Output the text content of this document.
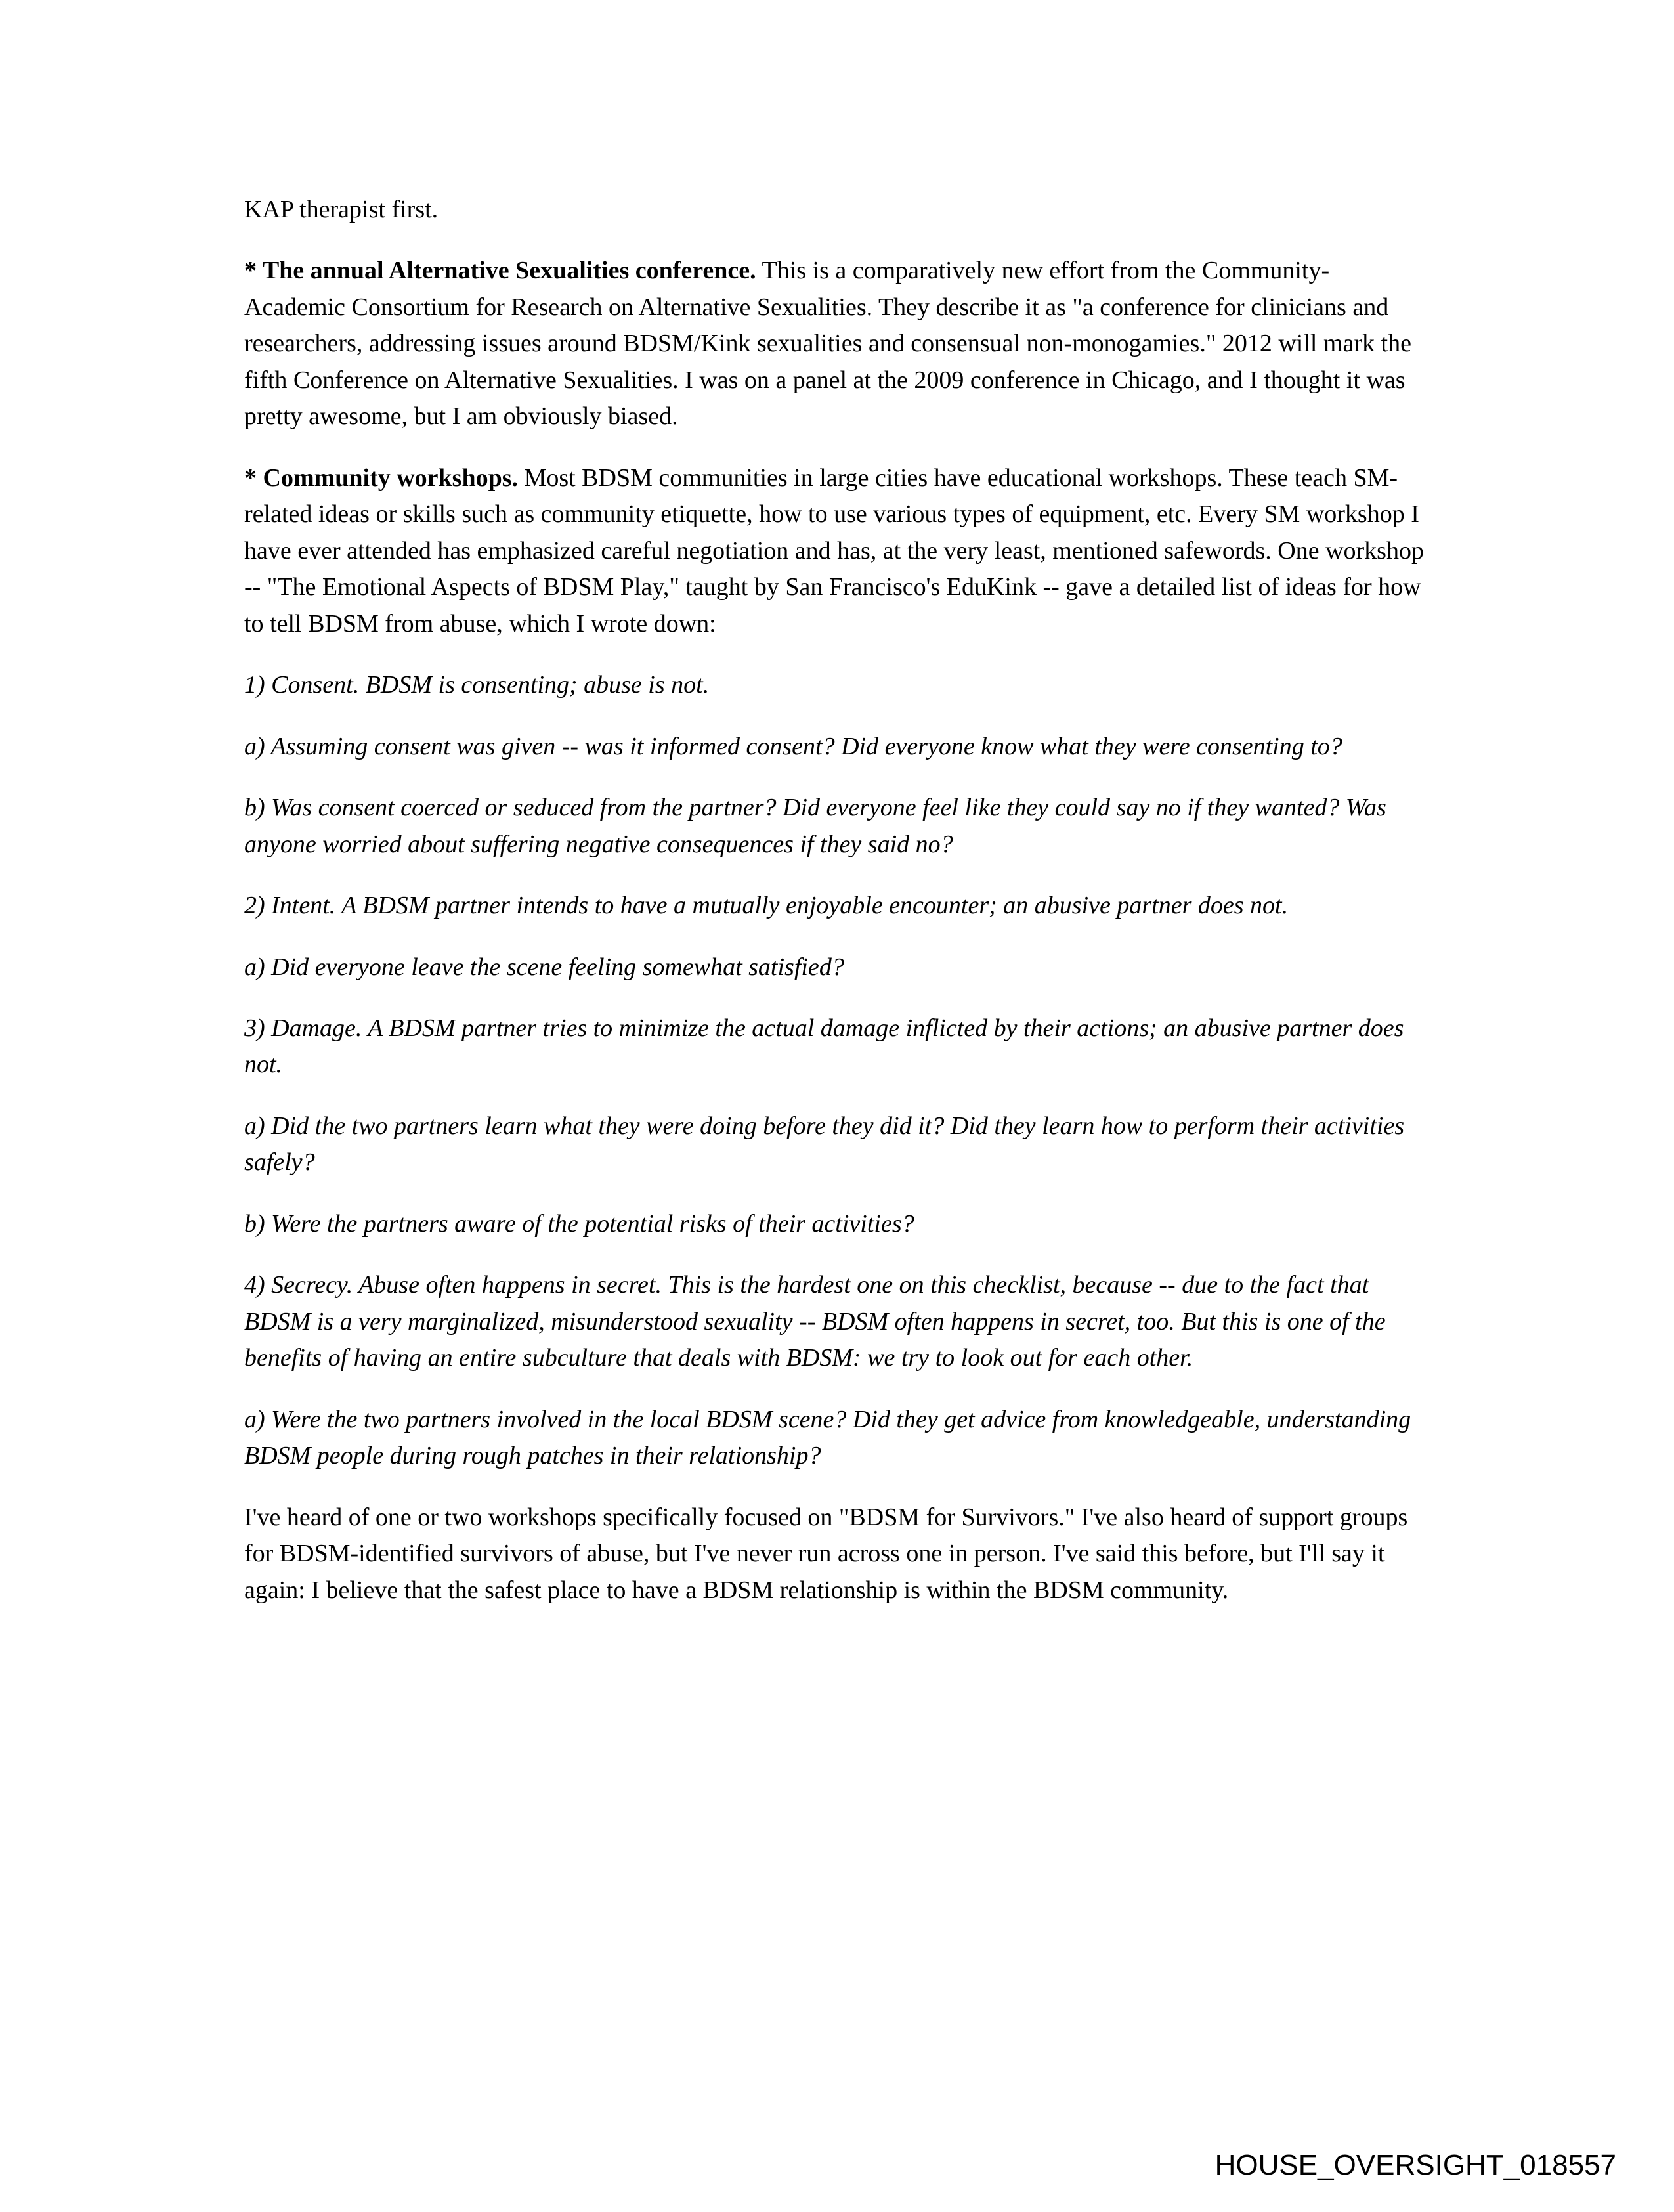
KAP therapist first.

* The annual Alternative Sexualities conference. This is a comparatively new effort from the Community-Academic Consortium for Research on Alternative Sexualities. They describe it as "a conference for clinicians and researchers, addressing issues around BDSM/Kink sexualities and consensual non-monogamies." 2012 will mark the fifth Conference on Alternative Sexualities. I was on a panel at the 2009 conference in Chicago, and I thought it was pretty awesome, but I am obviously biased.

* Community workshops. Most BDSM communities in large cities have educational workshops. These teach SM-related ideas or skills such as community etiquette, how to use various types of equipment, etc. Every SM workshop I have ever attended has emphasized careful negotiation and has, at the very least, mentioned safewords. One workshop -- "The Emotional Aspects of BDSM Play," taught by San Francisco's EduKink -- gave a detailed list of ideas for how to tell BDSM from abuse, which I wrote down:

1) Consent. BDSM is consenting; abuse is not.

a) Assuming consent was given -- was it informed consent? Did everyone know what they were consenting to?

b) Was consent coerced or seduced from the partner? Did everyone feel like they could say no if they wanted? Was anyone worried about suffering negative consequences if they said no?

2) Intent. A BDSM partner intends to have a mutually enjoyable encounter; an abusive partner does not.

a) Did everyone leave the scene feeling somewhat satisfied?

3) Damage. A BDSM partner tries to minimize the actual damage inflicted by their actions; an abusive partner does not.

a) Did the two partners learn what they were doing before they did it? Did they learn how to perform their activities safely?

b) Were the partners aware of the potential risks of their activities?

4) Secrecy. Abuse often happens in secret. This is the hardest one on this checklist, because -- due to the fact that BDSM is a very marginalized, misunderstood sexuality -- BDSM often happens in secret, too. But this is one of the benefits of having an entire subculture that deals with BDSM: we try to look out for each other.

a) Were the two partners involved in the local BDSM scene? Did they get advice from knowledgeable, understanding BDSM people during rough patches in their relationship?

I've heard of one or two workshops specifically focused on "BDSM for Survivors." I've also heard of support groups for BDSM-identified survivors of abuse, but I've never run across one in person. I've said this before, but I'll say it again: I believe that the safest place to have a BDSM relationship is within the BDSM community.

HOUSE_OVERSIGHT_018557
